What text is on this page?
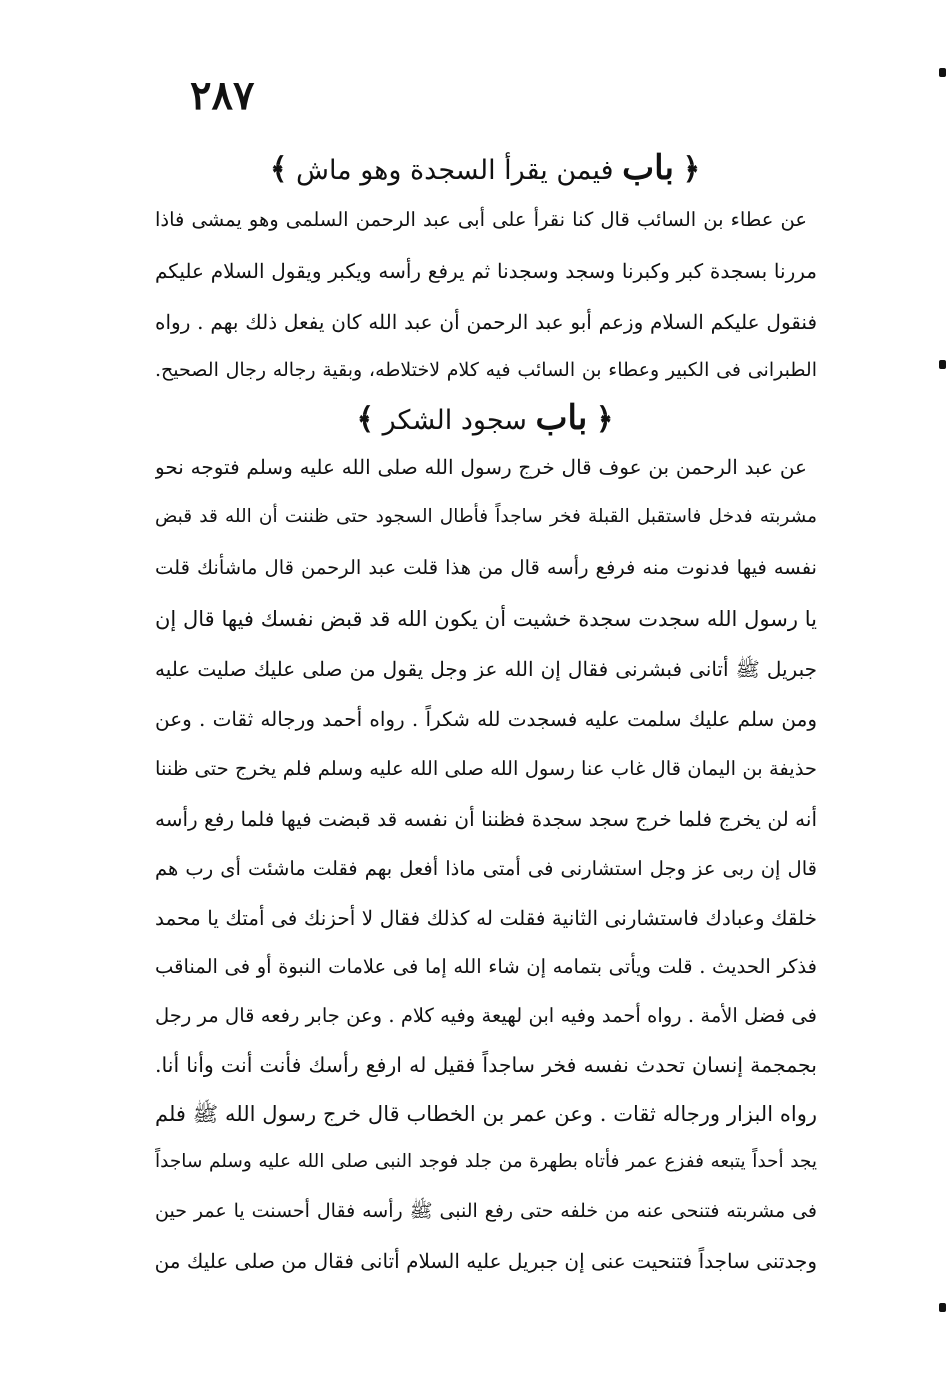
٢٨٧
﴿ باب فيمن يقرأ السجدة وهو ماش ﴾
عن عطاء بن السائب قال كنا نقرأ على أبى عبد الرحمن السلمى وهو يمشى فاذا
مررنا بسجدة كبر وكبرنا وسجد وسجدنا ثم يرفع رأسه ويكبر ويقول السلام عليكم
فنقول عليكم السلام وزعم أبو عبد الرحمن أن عبد الله كان يفعل ذلك بهم . رواه
الطبرانى فى الكبير وعطاء بن السائب فيه كلام لاختلاطه، وبقية رجاله رجال الصحيح.
﴿ باب سجود الشكر ﴾
عن عبد الرحمن بن عوف قال خرج رسول الله صلى الله عليه وسلم فتوجه نحو
مشربته فدخل فاستقبل القبلة فخر ساجداً فأطال السجود حتى ظننت أن الله قد قبض
نفسه فيها فدنوت منه فرفع رأسه قال من هذا قلت عبد الرحمن قال ماشأنك قلت
يا رسول الله سجدت سجدة خشيت أن يكون الله قد قبض نفسك فيها قال إن
جبريل ﷺ أتانى فبشرنى فقال إن الله عز وجل يقول من صلى عليك صليت عليه
ومن سلم عليك سلمت عليه فسجدت لله شكراً . رواه أحمد ورجاله ثقات . وعن
حذيفة بن اليمان قال غاب عنا رسول الله صلى الله عليه وسلم فلم يخرج حتى ظننا
أنه لن يخرج فلما خرج سجد سجدة فظننا أن نفسه قد قبضت فيها فلما رفع رأسه
قال إن ربى عز وجل استشارنى فى أمتى ماذا أفعل بهم فقلت ماشئت أى رب هم
خلقك وعبادك فاستشارنى الثانية فقلت له كذلك فقال لا أحزنك فى أمتك يا محمد
فذكر الحديث . قلت ويأتى بتمامه إن شاء الله إما فى علامات النبوة أو فى المناقب
فى فضل الأمة . رواه أحمد وفيه ابن لهيعة وفيه كلام . وعن جابر رفعه قال مر رجل
بجمجمة إنسان تحدث نفسه فخر ساجداً فقيل له ارفع رأسك فأنت أنت وأنا أنا.
رواه البزار ورجاله ثقات . وعن عمر بن الخطاب قال خرج رسول الله ﷺ فلم
يجد أحداً يتبعه ففزع عمر فأتاه بطهرة من جلد فوجد النبى صلى الله عليه وسلم ساجداً
فى مشربته فتنحى عنه من خلفه حتى رفع النبى ﷺ رأسه فقال أحسنت يا عمر حين
وجدتنى ساجداً فتنحيت عنى إن جبريل عليه السلام أتانى فقال من صلى عليك من
